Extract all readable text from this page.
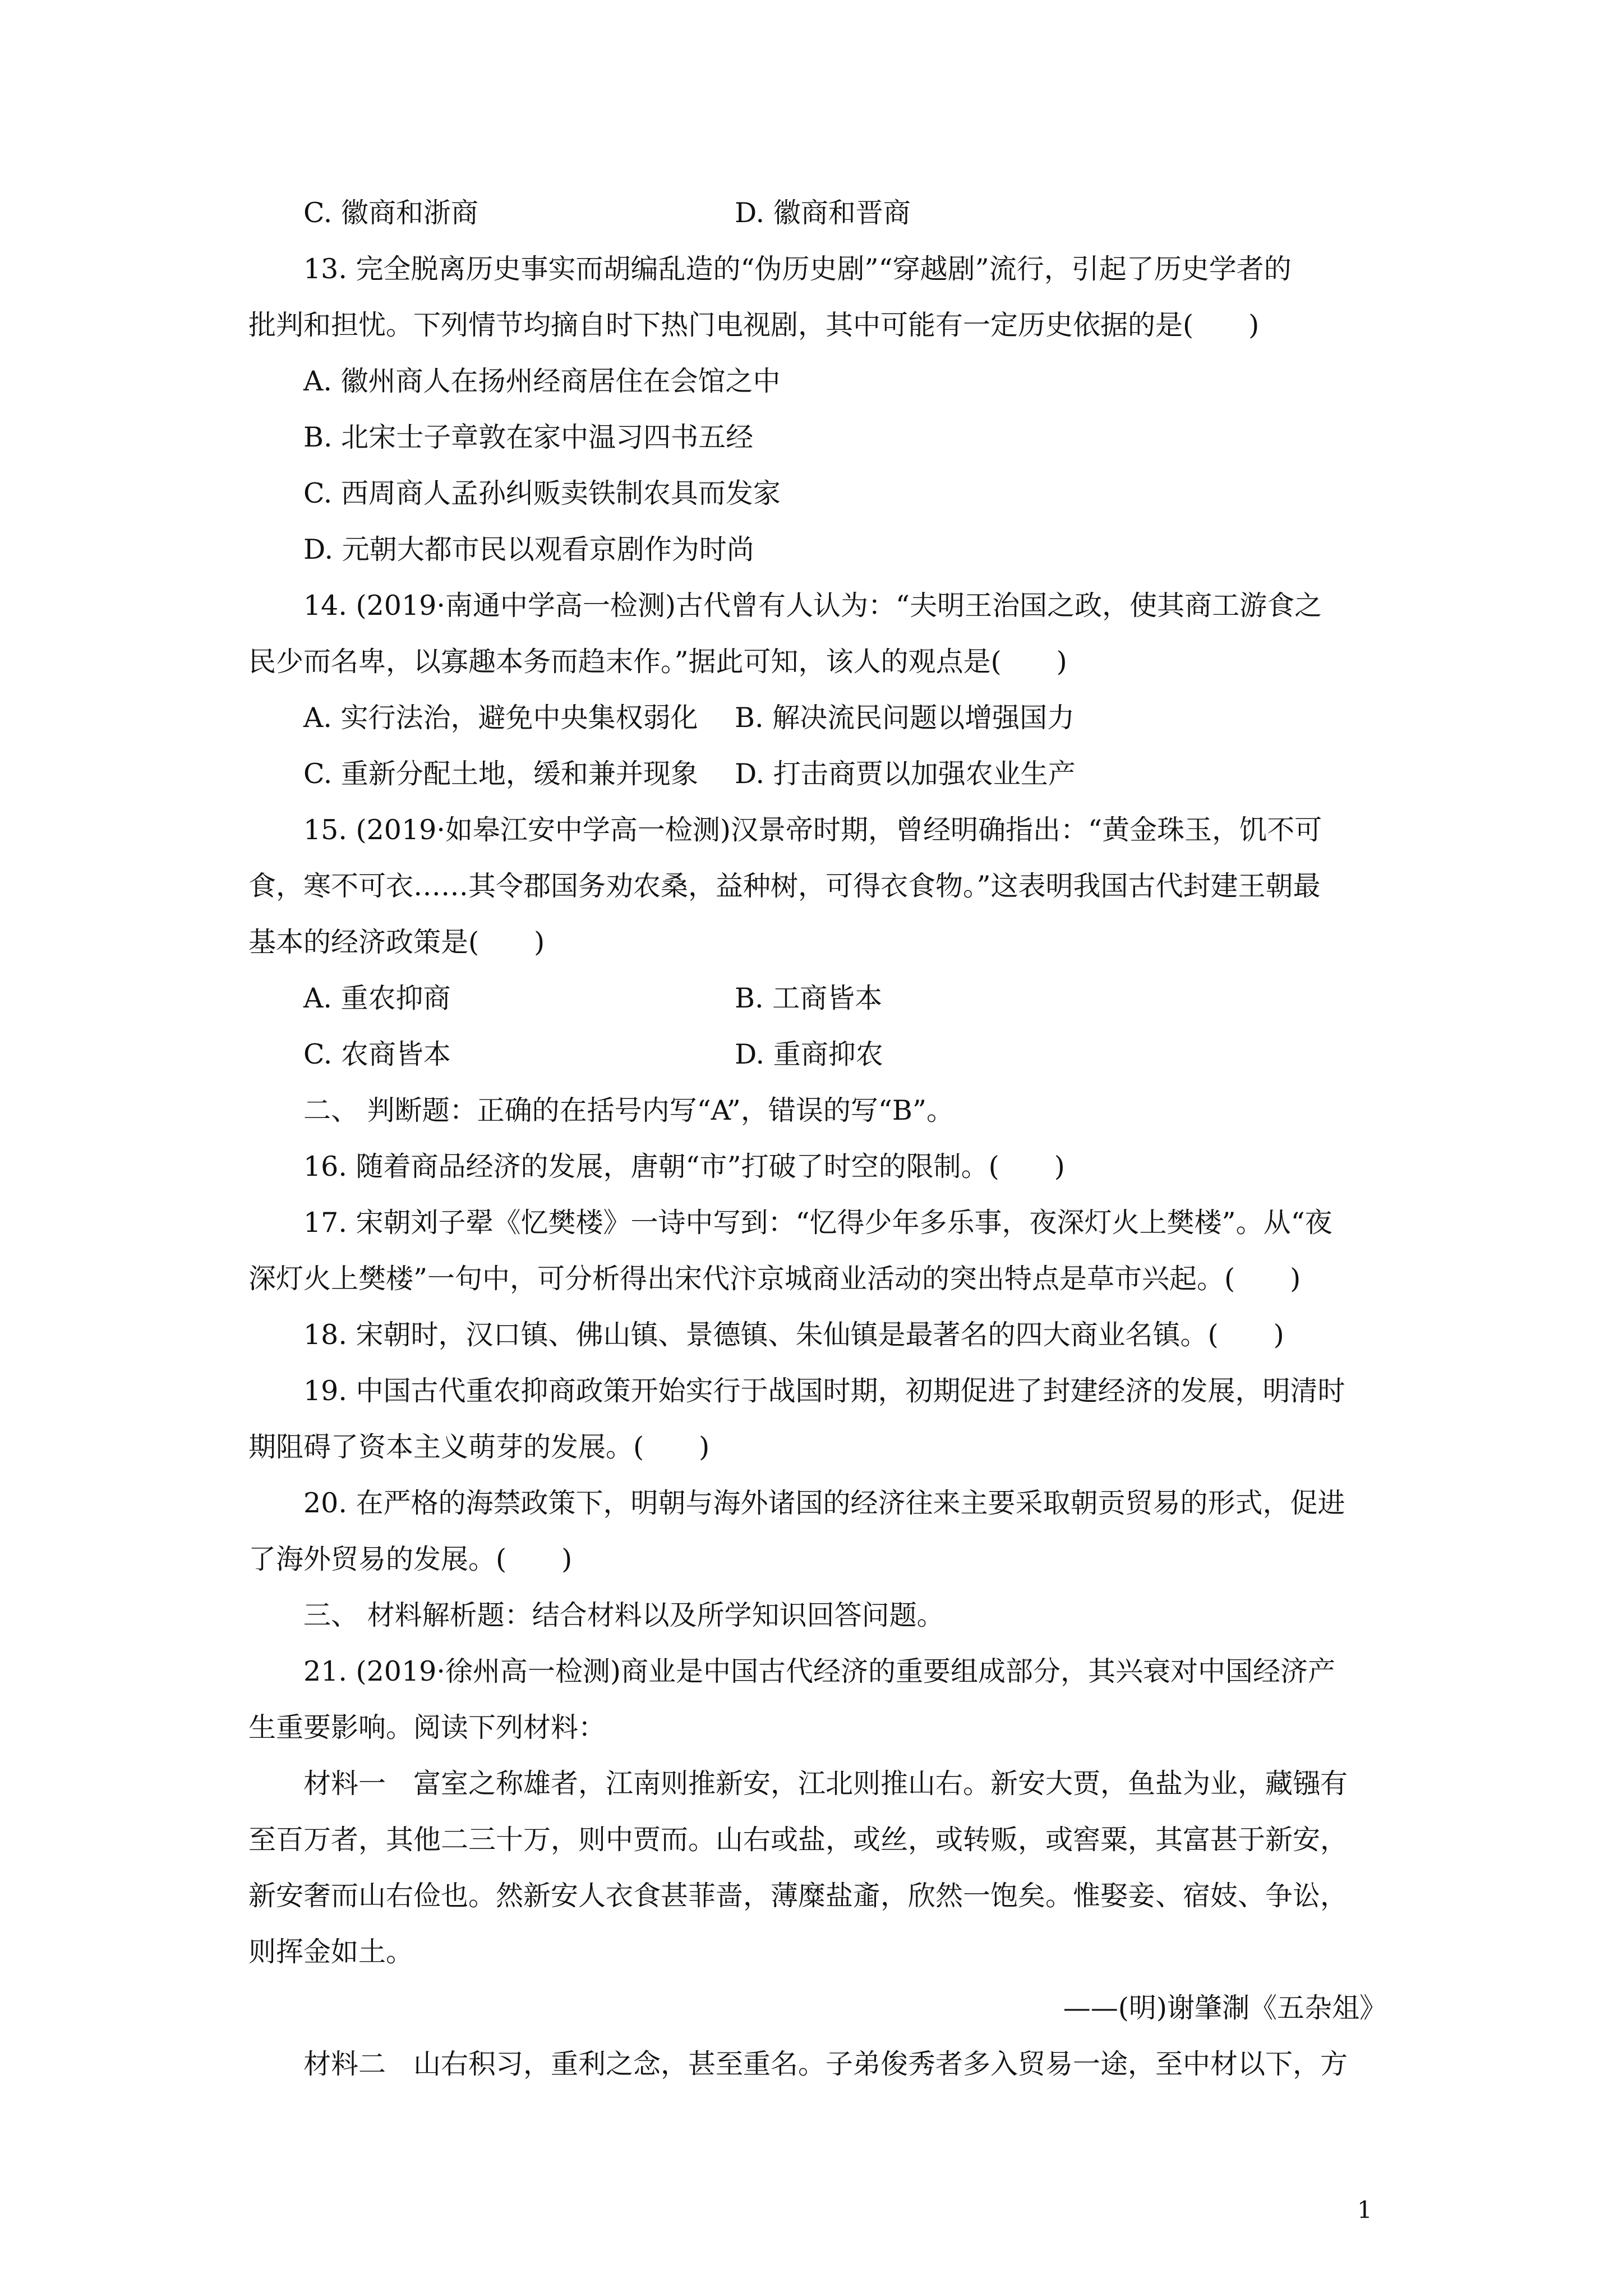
C. 徽商和浙商	D. 徽商和晋商
13. 完全脱离历史事实而胡编乱造的“伪历史剧”“穿越剧”流行，引起了历史学者的
批判和担忧。下列情节均摘自时下热门电视剧，其中可能有一定历史依据的是(　　)
A. 徽州商人在扬州经商居住在会馆之中
B. 北宋士子章敦在家中温习四书五经
C. 西周商人孟孙纠贩卖铁制农具而发家
D. 元朝大都市民以观看京剧作为时尚
14. (2019·南通中学高一检测)古代曾有人认为：“夫明王治国之政，使其商工游食之
民少而名卑，以寡趣本务而趋末作。”据此可知，该人的观点是(　　)
A. 实行法治，避免中央集权弱化	B. 解决流民问题以增强国力
C. 重新分配土地，缓和兼并现象	D. 打击商贾以加强农业生产
15. (2019·如皋江安中学高一检测)汉景帝时期，曾经明确指出：“黄金珠玉，饥不可
食，寒不可衣……其令郡国务劝农桑，益种树，可得衣食物。”这表明我国古代封建王朝最
基本的经济政策是(　　)
A. 重农抑商	B. 工商皆本
C. 农商皆本	D. 重商抑农
二、 判断题：正确的在括号内写“A”，错误的写“B”。
16. 随着商品经济的发展，唐朝“市”打破了时空的限制。(　　)
17. 宋朝刘子翚《忆樊楼》一诗中写到：“忆得少年多乐事，夜深灯火上樊楼”。从“夜
深灯火上樊楼”一句中，可分析得出宋代汴京城商业活动的突出特点是草市兴起。(　　)
18. 宋朝时，汉口镇、佛山镇、景德镇、朱仙镇是最著名的四大商业名镇。(　　)
19. 中国古代重农抑商政策开始实行于战国时期，初期促进了封建经济的发展，明清时
期阻碍了资本主义萌芽的发展。(　　)
20. 在严格的海禁政策下，明朝与海外诸国的经济往来主要采取朝贡贸易的形式，促进
了海外贸易的发展。(　　)
三、 材料解析题：结合材料以及所学知识回答问题。
21. (2019·徐州高一检测)商业是中国古代经济的重要组成部分，其兴衰对中国经济产
生重要影响。阅读下列材料：
材料一　富室之称雄者，江南则推新安，江北则推山右。新安大贾，鱼盐为业，藏镪有
至百万者，其他二三十万，则中贾而。山右或盐，或丝，或转贩，或窖粟，其富甚于新安，
新安奢而山右俭也。然新安人衣食甚菲啬，薄糜盐齑，欣然一饱矣。惟娶妾、宿妓、争讼，
则挥金如土。
——(明)谢肇淛《五杂俎》
材料二　山右积习，重利之念，甚至重名。子弟俊秀者多入贸易一途，至中材以下，方
1
